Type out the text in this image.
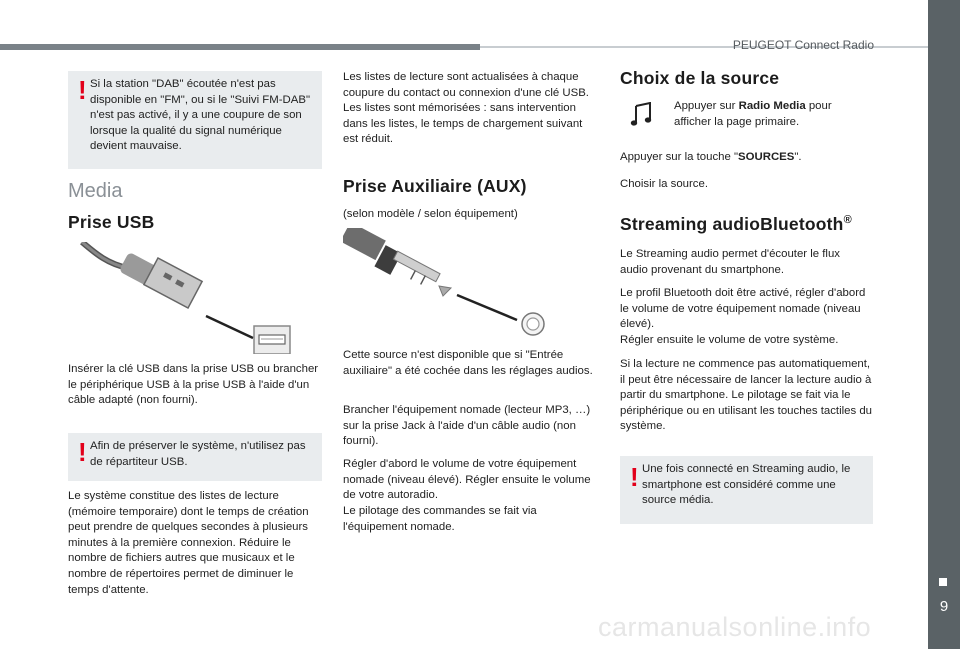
PEUGEOT Connect Radio
9
carmanualsonline.info
! Si la station "DAB" écoutée n'est pas disponible en "FM", ou si le "Suivi FM-DAB" n'est pas activé, il y a une coupure de son lorsque la qualité du signal numérique devient mauvaise.
Media
Prise USB
Insérer la clé USB dans la prise USB ou brancher le périphérique USB à la prise USB à l'aide d'un câble adapté (non fourni).
! Afin de préserver le système, n'utilisez pas de répartiteur USB.
Le système constitue des listes de lecture (mémoire temporaire) dont le temps de création peut prendre de quelques secondes à plusieurs minutes à la première connexion. Réduire le nombre de fichiers autres que musicaux et le nombre de répertoires permet de diminuer le temps d'attente.
Les listes de lecture sont actualisées à chaque coupure du contact ou connexion d'une clé USB. Les listes sont mémorisées : sans intervention dans les listes, le temps de chargement suivant est réduit.
Prise Auxiliaire (AUX)
(selon modèle / selon équipement)
Cette source n'est disponible que si "Entrée auxiliaire" a été cochée dans les réglages audios.
Brancher l'équipement nomade (lecteur MP3, …) sur la prise Jack à l'aide d'un câble audio (non fourni).
Régler d'abord le volume de votre équipement nomade (niveau élevé). Régler ensuite le volume de votre autoradio.
Le pilotage des commandes se fait via l'équipement nomade.
Choix de la source
Appuyer sur Radio Media pour afficher la page primaire.
Appuyer sur la touche "SOURCES".
Choisir la source.
Streaming audioBluetooth®
Le Streaming audio permet d'écouter le flux audio provenant du smartphone.
Le profil Bluetooth doit être activé, régler d'abord le volume de votre équipement nomade (niveau élevé).
Régler ensuite le volume de votre système.
Si la lecture ne commence pas automatiquement, il peut être nécessaire de lancer la lecture audio à partir du smartphone. Le pilotage se fait via le périphérique ou en utilisant les touches tactiles du système.
! Une fois connecté en Streaming audio, le smartphone est considéré comme une source média.
